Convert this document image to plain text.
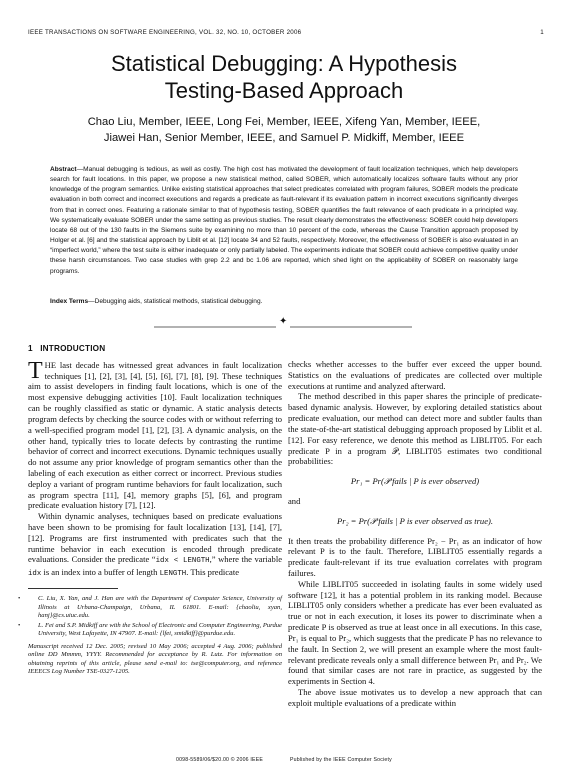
IEEE TRANSACTIONS ON SOFTWARE ENGINEERING, VOL. 32, NO. 10, OCTOBER 2006	1
Statistical Debugging: A Hypothesis
Testing-Based Approach
Chao Liu, Member, IEEE, Long Fei, Member, IEEE, Xifeng Yan, Member, IEEE,
Jiawei Han, Senior Member, IEEE, and Samuel P. Midkiff, Member, IEEE
Abstract—Manual debugging is tedious, as well as costly. The high cost has motivated the development of fault localization techniques, which help developers search for fault locations. In this paper, we propose a new statistical method, called SOBER, which automatically localizes software faults without any prior knowledge of the program semantics. Unlike existing statistical approaches that select predicates correlated with program failures, SOBER models the predicate evaluation in both correct and incorrect executions and regards a predicate as fault-relevant if its evaluation pattern in incorrect executions significantly diverges from that in correct ones. Featuring a rationale similar to that of hypothesis testing, SOBER quantifies the fault relevance of each predicate in a principled way. We systematically evaluate SOBER under the same setting as previous studies. The result clearly demonstrates the effectiveness: SOBER could help developers locate 68 out of the 130 faults in the Siemens suite by examining no more than 10 percent of the code, whereas the Cause Transition approach proposed by Holger et al. [6] and the statistical approach by Liblit et al. [12] locate 34 and 52 faults, respectively. Moreover, the effectiveness of SOBER is also evaluated in an “imperfect world,” where the test suite is either inadequate or only partially labeled. The experiments indicate that SOBER could achieve competitive quality under these harsh circumstances. Two case studies with grep 2.2 and bc 1.06 are reported, which shed light on the applicability of SOBER on reasonably large programs.
Index Terms—Debugging aids, statistical methods, statistical debugging.
✦
1 INTRODUCTION

THE last decade has witnessed great advances in fault localization techniques [1], [2], [3], [4], [5], [6], [7], [8], [9]. These techniques aim to assist developers in finding fault locations, which is one of the most expensive debugging activities [10]. Fault localization techniques can be roughly classified as static or dynamic. A static analysis detects program defects by checking the source codes with or without referring to a well-specified program model [1], [2], [3]. A dynamic analysis, on the other hand, typically tries to locate defects by contrasting the runtime behavior of correct and incorrect executions. Dynamic techniques usually do not assume any prior knowledge of program semantics other than the labeling of each execution as either correct or incorrect. Previous studies deploy a variant of program runtime behaviors for fault localization, such as program spectra [11], [4], memory graphs [5], [6], and program predicate evaluation history [7], [12].

Within dynamic analyses, techniques based on predicate evaluations have been shown to be promising for fault localization [13], [14], [7], [12]. Programs are first instrumented with predicates such that the runtime behavior in each execution is encoded through predicate evaluations. Consider the predicate “idx < LENGTH,” where the variable idx is an index into a buffer of length LENGTH. This predicate

•	C. Liu, X. Yan, and J. Han are with the Department of Computer Science, University of Illinois at Urbana-Champaign, Urbana, IL 61801. E-mail: {chaoliu, xyan, hanj}@cs.uiuc.edu.
•	L. Fei and S.P. Midkiff are with the School of Electronic and Computer Engineering, Purdue University, West Lafayette, IN 47907. E-mail: {lfei, smidkiff}@purdue.edu.
Manuscript received 12 Dec. 2005; revised 10 May 2006; accepted 4 Aug. 2006; published online DD Mmmm, YYYY. Recommended for acceptance by R. Lutz. For information on obtaining reprints of this article, please send e-mail to: tse@computer.org, and reference IEEECS Log Number TSE-0327-1205.

checks whether accesses to the buffer ever exceed the upper bound. Statistics on the evaluations of predicates are collected over multiple executions at runtime and analyzed afterward.

The method described in this paper shares the principle of predicate-based dynamic analysis. However, by exploring detailed statistics about predicate evaluation, our method can detect more and subtler faults than the state-of-the-art statistical debugging approach proposed by Liblit et al. [12]. For easy reference, we denote this method as LIBLIT05. For each predicate P in a program 𝒫, LIBLIT05 estimates two conditional probabilities:

Pr₁ = Pr(𝒫 fails | P is ever observed)

and

Pr₂ = Pr(𝒫 fails | P is ever observed as true).

It then treats the probability difference Pr₂ − Pr₁ as an indicator of how relevant P is to the fault. Therefore, LIBLIT05 essentially regards a predicate fault-relevant if its true evaluation correlates with program failures.

While LIBLIT05 succeeded in isolating faults in some widely used software [12], it has a potential problem in its ranking model. Because LIBLIT05 only considers whether a predicate has ever been evaluated as true or not in each execution, it loses its power to discriminate when a predicate P is observed as true at least once in all executions. In this case, Pr₁ is equal to Pr₂, which suggests that the predicate P has no relevance to the fault. In Section 2, we will present an example where the most fault-relevant predicate reveals only a small difference between Pr₁ and Pr₂. We found that similar cases are not rare in practice, as suggested by the experiments in Section 4.

The above issue motivates us to develop a new approach that can exploit multiple evaluations of a predicate within

0098-5589/06/$20.00 © 2006 IEEE	Published by the IEEE Computer Society
